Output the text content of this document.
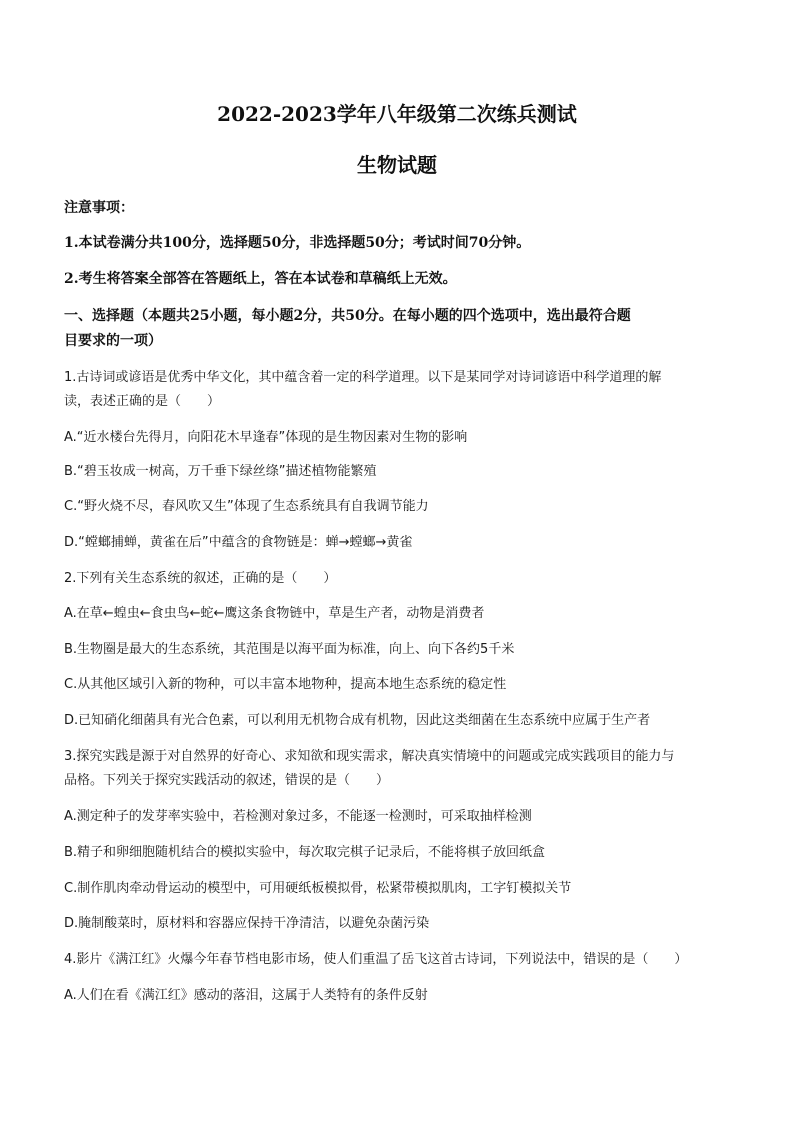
2022-2023学年八年级第二次练兵测试
生物试题
注意事项：
1.本试卷满分共100分，选择题50分，非选择题50分；考试时间70分钟。
2.考生将答案全部答在答题纸上，答在本试卷和草稿纸上无效。
一、选择题（本题共25小题，每小题2分，共50分。在每小题的四个选项中，选出最符合题
目要求的一项）
1.古诗词或谚语是优秀中华文化，其中蕴含着一定的科学道理。以下是某同学对诗词谚语中科学道理的解
读，表述正确的是（　　）
A.“近水楼台先得月，向阳花木早逢春”体现的是生物因素对生物的影响
B.“碧玉妆成一树高，万千垂下绿丝绦”描述植物能繁殖
C.“野火烧不尽，春风吹又生”体现了生态系统具有自我调节能力
D.“螳螂捕蝉，黄雀在后”中蕴含的食物链是：蝉→螳螂→黄雀
2.下列有关生态系统的叙述，正确的是（　　）
A.在草←蝗虫←食虫鸟←蛇←鹰这条食物链中，草是生产者，动物是消费者
B.生物圈是最大的生态系统，其范围是以海平面为标准，向上、向下各约5千米
C.从其他区域引入新的物种，可以丰富本地物种，提高本地生态系统的稳定性
D.已知硝化细菌具有光合色素，可以利用无机物合成有机物，因此这类细菌在生态系统中应属于生产者
3.探究实践是源于对自然界的好奇心、求知欲和现实需求，解决真实情境中的问题或完成实践项目的能力与
品格。下列关于探究实践活动的叙述，错误的是（　　）
A.测定种子的发芽率实验中，若检测对象过多，不能逐一检测时，可采取抽样检测
B.精子和卵细胞随机结合的模拟实验中，每次取完棋子记录后，不能将棋子放回纸盒
C.制作肌肉牵动骨运动的模型中，可用硬纸板模拟骨，松紧带模拟肌肉，工字钉模拟关节
D.腌制酸菜时，原材料和容器应保持干净清洁，以避免杂菌污染
4.影片《满江红》火爆今年春节档电影市场，使人们重温了岳飞这首古诗词，下列说法中，错误的是（　　）
A.人们在看《满江红》感动的落泪，这属于人类特有的条件反射
